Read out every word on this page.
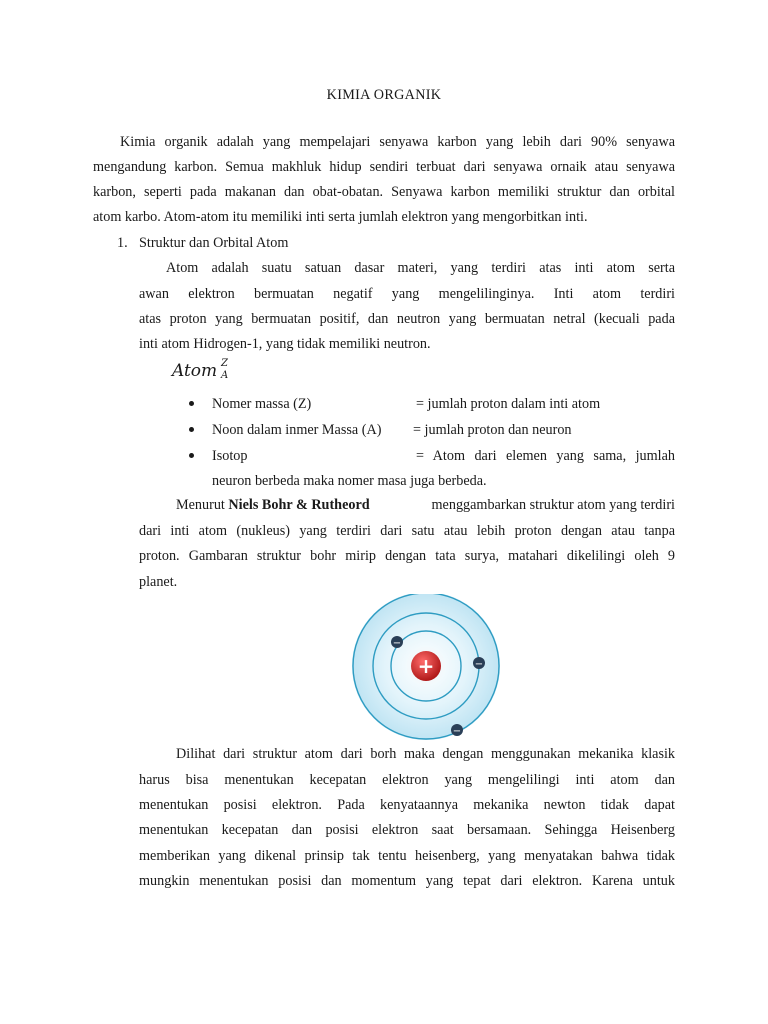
KIMIA ORGANIK
Kimia organik adalah yang mempelajari senyawa karbon yang lebih dari 90% senyawa
mengandung karbon. Semua makhluk hidup sendiri terbuat dari senyawa ornaik atau senyawa
karbon, seperti pada makanan dan obat-obatan. Senyawa karbon memiliki struktur dan orbital
atom karbo. Atom-atom itu memiliki inti serta jumlah elektron yang mengorbitkan inti.
1. Struktur dan Orbital Atom
Atom adalah suatu satuan dasar materi, yang terdiri atas inti atom serta
awan elektron bermuatan negatif yang mengelilinginya. Inti atom terdiri
atas proton yang bermuatan positif, dan neutron yang bermuatan netral (kecuali pada
inti atom Hidrogen-1, yang tidak memiliki neutron.
Atom Z
A
Nomer massa (Z)	= jumlah proton dalam inti atom
Noon dalam inmer Massa (A) = jumlah proton dan neuron
Isotop	= Atom dari elemen yang sama, jumlah
neuron berbeda maka nomer masa juga berbeda.
Menurut Niels Bohr & Rutheord	menggambarkan struktur atom yang terdiri
dari inti atom (nukleus) yang terdiri dari satu atau lebih proton dengan atau tanpa
proton. Gambaran struktur bohr mirip dengan tata surya, matahari dikelilingi oleh 9
planet.
+
−
−
−
Dilihat dari struktur atom dari borh maka dengan menggunakan mekanika klasik
harus bisa menentukan kecepatan elektron yang mengelilingi inti atom dan
menentukan posisi elektron. Pada kenyataannya mekanika newton tidak dapat
menentukan kecepatan dan posisi elektron saat bersamaan. Sehingga Heisenberg
memberikan yang dikenal prinsip tak tentu heisenberg, yang menyatakan bahwa tidak
mungkin menentukan posisi dan momentum yang tepat dari elektron. Karena untuk
